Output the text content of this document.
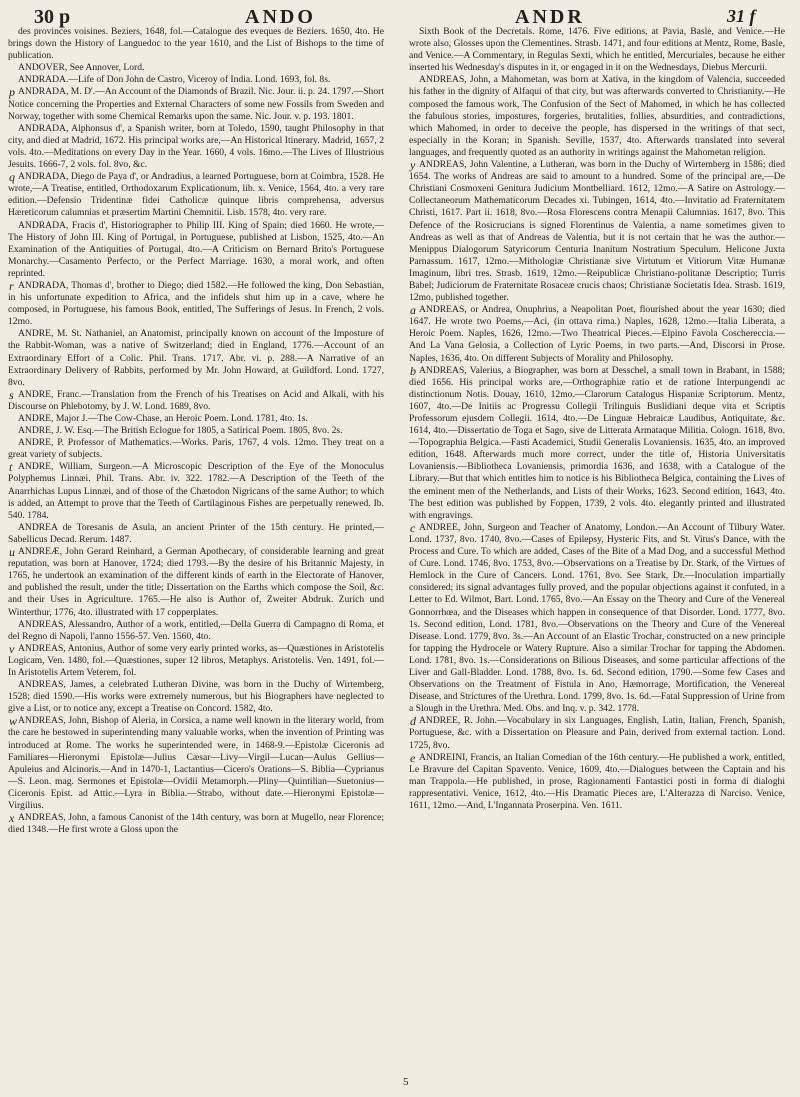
30 p	ANDO	ANDR	31 f

des provinces voisines. Beziers, 1648, fol.—Catalogue des eveques de Beziers. 1650, 4to. He brings down the History of Languedoc to the year 1610, and the List of Bishops to the time of publication.

ANDOVER, See Annover, Lord.

ANDRADA.—Life of Don John de Castro, Viceroy of India. Lond. 1693, fol. 8s.

p ANDRADA, M. D'.—An Account of the Diamonds of Brazil. Nic. Jour. ii. p. 24. 1797.—Short Notice concerning the Properties and External Characters of some new Fossils from Sweden and Norway, together with some Chemical Remarks upon the same. Nic. Jour. v. p. 193. 1801.

ANDRADA, Alphonsus d', a Spanish writer, born at Toledo, 1590, taught Philosophy in that city, and died at Madrid, 1672. His principal works are,—An Historical Itinerary. Madrid, 1657, 2 vols. 4to.—Meditations on every Day in the Year. 1660, 4 vols. 16mo.—The Lives of Illustrious Jesuits. 1666-7, 2 vols. fol. 8vo, &c.

q ANDRADA, Diego de Paya d', or Andradius, a learned Portuguese, born at Coimbra, 1528. He wrote,—A Treatise, entitled, Orthodoxarum Explicationum, lib. x. Venice, 1564, 4to. a very rare edition.—Defensio Tridentinæ fidei Catholicæ quinque libris comprehensa, adversus Hæreticorum calumnias et præsertim Martini Chemnitii. Lisb. 1578, 4to. very rare.

ANDRADA, Fracis d', Historiographer to Philip III. King of Spain; died 1660. He wrote,—The History of John III. King of Portugal, in Portuguese, published at Lisbon, 1525, 4to.—An Examination of the Antiquities of Portugal, 4to.—A Criticism on Bernard Brito's Portuguese Monarchy.—Casamento Perfecto, or the Perfect Marriage. 1630, a moral work, and often reprinted.

r ANDRADA, Thomas d', brother to Diego; died 1582.—He followed the king, Don Sebastian, in his unfortunate expedition to Africa, and the infidels shut him up in a cave, where he composed, in Portuguese, his famous Book, entitled, The Sufferings of Jesus. In French, 2 vols. 12mo.

ANDRE, M. St. Nathaniel, an Anatomist, principally known on account of the Imposture of the Rabbit-Woman, was a native of Switzerland; died in England, 1776.—Account of an Extraordinary Effort of a Colic. Phil. Trans. 1717. Abr. vi. p. 288.—A Narrative of an Extraordinary Delivery of Rabbits, performed by Mr. John Howard, at Guildford. Lond. 1727, 8vo.

s ANDRE, Franc.—Translation from the French of his Treatises on Acid and Alkali, with his Discourse on Phlebotomy, by J. W. Lond. 1689, 8vo.

ANDRE, Major J.—The Cow-Chase, an Heroic Poem. Lond. 1781, 4to. 1s.

ANDRE, J. W. Esq.—The British Eclogue for 1805, a Satirical Poem. 1805, 8vo. 2s.

ANDRE, P. Professor of Mathematics.—Works. Paris, 1767, 4 vols. 12mo. They treat on a great variety of subjects.

t ANDRE, William, Surgeon.—A Microscopic Description of the Eye of the Monoculus Polyphemus Linnæi. Phil. Trans. Abr. iv. 322. 1782.—A Description of the Teeth of the Anarrhichas Lupus Linnæi, and of those of the Chætodon Nigricans of the same Author; to which is added, an Attempt to prove that the Teeth of Cartilaginous Fishes are perpetually renewed. Ib. 540. 1784.

ANDREA de Toresanis de Asula, an ancient Printer of the 15th century. He printed,—Sabellicus Decad. Rerum. 1487.

u ANDREÆ, John Gerard Reinhard, a German Apothecary, of considerable learning and great reputation, was born at Hanover, 1724; died 1793.—By the desire of his Britannic Majesty, in 1765, he undertook an examination of the different kinds of earth in the Electorate of Hanover, and published the result, under the title; Dissertation on the Earths which compose the Soil, &c. and their Uses in Agriculture. 1765.—He also is Author of, Zweiter Abdruk. Zurich und Winterthur, 1776, 4to. illustrated with 17 copperplates.

ANDREAS, Alessandro, Author of a work, entitled,—Della Guerra di Campagno di Roma, et del Regno di Napoli, l'anno 1556-57. Ven. 1560, 4to.

v ANDREAS, Antonius, Author of some very early printed works, as—Quæstiones in Aristotelis Logicam, Ven. 1480, fol.—Quæstiones, super 12 libros, Metaphys. Aristotelis. Ven. 1491, fol.—In Aristotelis Artem Veterem, fol.

ANDREAS, James, a celebrated Lutheran Divine, was born in the Duchy of Wirtemberg, 1528; died 1590.—His works were extremely numerous, but his Biographers have neglected to give a List, or to notice any, except a Treatise on Concord. 1582, 4to.

w ANDREAS, John, Bishop of Aleria, in Corsica, a name well known in the literary world, from the care he bestowed in superintending many valuable works, when the invention of Printing was introduced at Rome. The works he superintended were, in 1468-9.—Epistolæ Ciceronis ad Familiares—Hieronymi Epistolæ—Julius Cæsar—Livy—Virgil—Lucan—Aulus Gellius—Apuleius and Alcinoris.—And in 1470-1, Lactantius—Cicero's Orations—S. Biblia—Cyprianus—S. Leon. mag. Sermones et Epistolæ—Ovidii Metamorph.—Pliny—Quintilian—Suetonius—Ciceronis Epist. ad Attic.—Lyra in Biblia.—Strabo, without date.—Hieronymi Epistolæ—Virgilius.

x ANDREAS, John, a famous Canonist of the 14th century, was born at Mugello, near Florence; died 1348.—He first wrote a Gloss upon the

Sixth Book of the Decretals. Rome, 1476. Five editions, at Pavia, Basle, and Venice.—He wrote also, Glosses upon the Clementines. Strasb. 1471, and four editions at Mentz, Rome, Basle, and Venice.—A Commentary, in Regulas Sexti, which he entitled, Mercuriales, because he either inserted his Wednesday's disputes in it, or engaged in it on the Wednesdays, Diebus Mercurii.

ANDREAS, John, a Mahometan, was born at Xativa, in the kingdom of Valencia, succeeded his father in the dignity of Alfaqui of that city, but was afterwards converted to Christianity.—He composed the famous work, The Confusion of the Sect of Mahomed, in which he has collected the fabulous stories, impostures, forgeries, brutalities, follies, absurdities, and contradictions, which Mahomed, in order to deceive the people, has dispersed in the writings of that sect, especially in the Koran; in Spanish. Seville, 1537, 4to. Afterwards translated into several languages, and frequently quoted as an authority in writings against the Mahometan religion.

y ANDREAS, John Valentine, a Lutheran, was born in the Duchy of Wirtemberg in 1586; died 1654. The works of Andreas are said to amount to a hundred. Some of the principal are,—De Christiani Cosmoxeni Genitura Judicium Montbelliard. 1612, 12mo.—A Satire on Astrology.—Collectaneorum Mathematicorum Decades xi. Tubingen, 1614, 4to.—Invitatio ad Fraternitatem Christi, 1617. Part ii. 1618, 8vo.—Rosa Florescens contra Menapii Calumnias. 1617, 8vo. This Defence of the Rosicrucians is signed Florentinus de Valentia, a name sometimes given to Andreas as well as that of Andreas de Valentia, but it is not certain that he was the author.—Menippus Dialogorum Satyricorum Centuria Inanitum Nostratium Speculum. Helicone Juxta Parnassum. 1617, 12mo.—Mithologiæ Christianæ sive Virtutum et Vitiorum Vitæ Humanæ Imaginum, libri tres. Strasb. 1619, 12mo.—Reipublicæ Christiano-politanæ Descriptio; Turris Babel; Judiciorum de Fraternitate Rosaceæ crucis chaos; Christianæ Societatis Idea. Strasb. 1619, 12mo, published together.

a ANDREAS, or Andrea, Onuphrius, a Neapolitan Poet, flourished about the year 1630; died 1647. He wrote two Poems,—Aci, (in ottava rima.) Naples, 1628, 12mo.—Italia Liberata, a Heroic Poem. Naples, 1626, 12mo.—Two Theatrical Pieces.—Elpino Favola Coschereccia.—And La Vana Gelosia, a Collection of Lyric Poems, in two parts.—And, Discorsi in Prose. Naples, 1636, 4to. On different Subjects of Morality and Philosophy.

b ANDREAS, Valerius, a Biographer, was born at Desschel, a small town in Brabant, in 1588; died 1656. His principal works are,—Orthographiæ ratio et de ratione Interpungendi ac distinctionum Notis. Douay, 1610, 12mo.—Clarorum Catalogus Hispaniæ Scriptorum. Mentz, 1607, 4to.—De Initiis ac Progressu Collegii Trilinguis Buslidiani deque vita et Scriptis Professorum ejusdem Collegii. 1614, 4to.—De Linguæ Hebraicæ Laudibus, Antiquitate, &c. 1614, 4to.—Dissertatio de Toga et Sago, sive de Litterata Armataque Militia. Cologn. 1618, 8vo.—Topographia Belgica.—Fasti Academici, Studii Generalis Lovaniensis. 1635, 4to. an improved edition, 1648. Afterwards much more correct, under the title of, Historia Universitatis Lovaniensis.—Bibliotheca Lovaniensis, primordia 1636, and 1638, with a Catalogue of the Library.—But that which entitles him to notice is his Bibliotheca Belgica, containing the Lives of the eminent men of the Netherlands, and Lists of their Works, 1623. Second edition, 1643, 4to. The best edition was published by Foppen, 1739, 2 vols. 4to. elegantly printed and illustrated with engravings.

c ANDREE, John, Surgeon and Teacher of Anatomy, London.—An Account of Tilbury Water. Lond. 1737, 8vo. 1740, 8vo.—Cases of Epilepsy, Hysteric Fits, and St. Vitus's Dance, with the Process and Cure. To which are added, Cases of the Bite of a Mad Dog, and a successful Method of Cure. Lond. 1746, 8vo. 1753, 8vo.—Observations on a Treatise by Dr. Stark, of the Virtues of Hemlock in the Cure of Cancers. Lond. 1761, 8vo. See Stark, Dr.—Inoculation impartially considered; its signal advantages fully proved, and the popular objections against it confuted, in a Letter to Ed. Wilmot, Bart. Lond. 1765, 8vo.—An Essay on the Theory and Cure of the Venereal Gonnorrhœa, and the Diseases which happen in consequence of that Disorder. Lond. 1777, 8vo. 1s. Second edition, Lond. 1781, 8vo.—Observations on the Theory and Cure of the Venereal Disease. Lond. 1779, 8vo. 3s.—An Account of an Elastic Trochar, constructed on a new principle for tapping the Hydrocele or Watery Rupture. Also a similar Trochar for tapping the Abdomen. Lond. 1781, 8vo. 1s.—Considerations on Bilious Diseases, and some particular affections of the Liver and Gall-Bladder. Lond. 1788, 8vo. 1s. 6d. Second edition, 1790.—Some few Cases and Observations on the Treatment of Fistula in Ano, Hæmorrage, Mortification, the Venereal Disease, and Strictures of the Urethra. Lond. 1799, 8vo. 1s. 6d.—Fatal Suppression of Urine from a Slough in the Urethra. Med. Obs. and Inq. v. p. 342. 1778.

d ANDREE, R. John.—Vocabulary in six Languages, English, Latin, Italian, French, Spanish, Portuguese, &c. with a Dissertation on Pleasure and Pain, derived from external taction. Lond. 1725, 8vo.

e ANDREINI, Francis, an Italian Comedian of the 16th century.—He published a work, entitled, Le Bravure del Capitan Spavento. Venice, 1609, 4to.—Dialogues between the Captain and his man Trappola.—He published, in prose, Ragionamenti Fantastici posti in forma di dialoghi rappresentativi. Venice, 1612, 4to.—His Dramatic Pieces are, L'Alterazza di Narciso. Venice, 1611, 12mo.—And, L'Ingannata Proserpina. Ven. 1611.

5
